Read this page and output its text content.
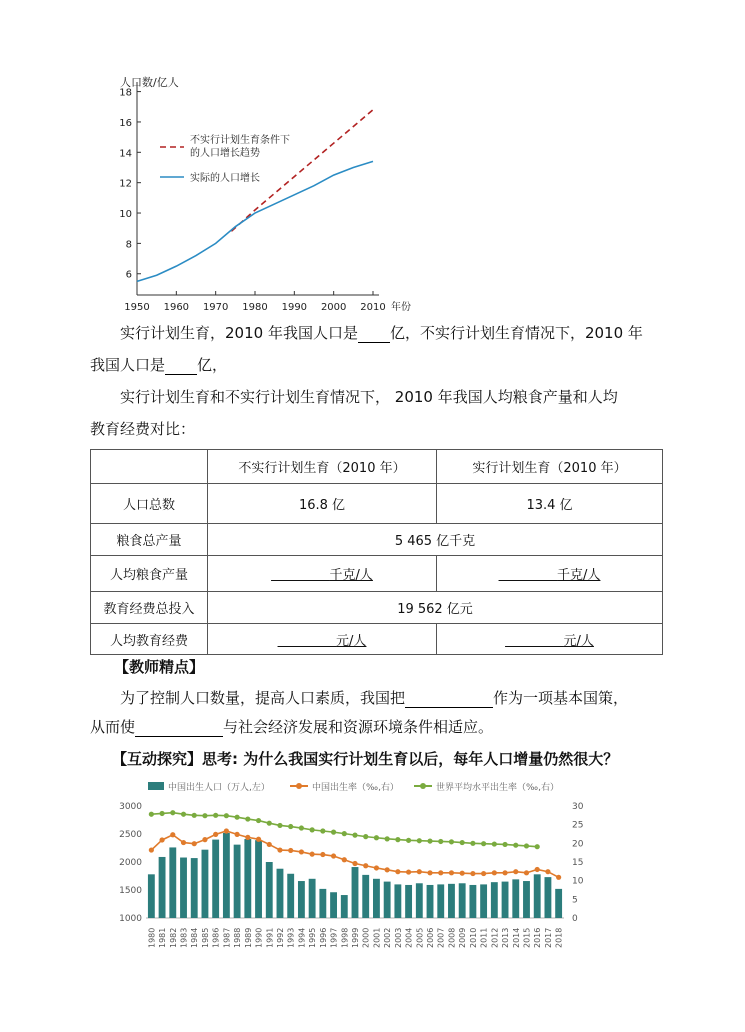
人口数/亿人
年份
6
8
10
12
14
16
18
1950 1960 1970 1980 1990 2000 2010
不实行计划生育条件下
的人口增长趋势
实际的人口增长
实行计划生育，2010 年我国人口是 亿，不实行计划生育情况下，2010 年
我国人口是 亿，
实行计划生育和不实行计划生育情况下， 2010 年我国人均粮食产量和人均
教育经费对比：
	不实行计划生育（2010 年）	实行计划生育（2010 年）
人口总数	16.8 亿	13.4 亿
粮食总产量	5 465 亿千克	
人均粮食产量	     千克/人	     千克/人
教育经费总投入	19 562 亿元	
人均教育经费	     元/人	     元/人
【教师精点】
为了控制人口数量，提高人口素质，我国把	作为一项基本国策，
从而使	与社会经济发展和资源环境条件相适应。
【互动探究】思考: 为什么我国实行计划生育以后，每年人口增量仍然很大？
中国出生人口（万人,左）	中国出生率（‰,右）	世界平均水平出生率（‰,右）
3000
2500
2000
1500
1000
30
25
20
15
10
5
0
1980 1981 1982 1983 1984 1985 1986 1987 1988 1989 1990 1991 1992 1993 1994 1995 1996 1997 1998 1999 2000 2001 2002 2003 2004 2005 2006 2007 2008 2009 2010 2011 2012 2013 2014 2015 2016 2017 2018
